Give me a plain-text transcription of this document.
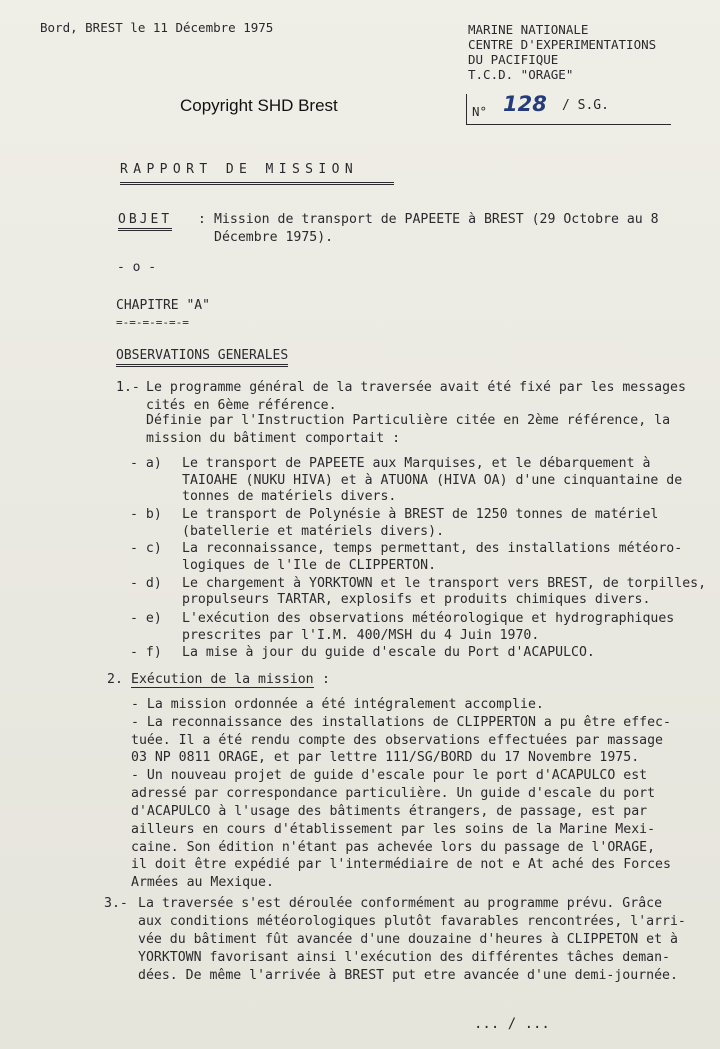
Bord, BREST le 11 Décembre 1975	MARINE NATIONALE
CENTRE D'EXPERIMENTATIONS
DU PACIFIQUE
T.C.D. "ORAGE"
N° 128 / S.G.
Copyright SHD Brest
RAPPORT DE MISSION
OBJET : Mission de transport de PAPEETE à BREST (29 Octobre au 8
Décembre 1975).
- o -
CHAPITRE "A"
=-=-=-=-=-=
OBSERVATIONS GENERALES
1.- Le programme général de la traversée avait été fixé par les messages
cités en 6ème référence.
Définie par l'Instruction Particulière citée en 2ème référence, la
mission du bâtiment comportait :
- a) Le transport de PAPEETE aux Marquises, et le débarquement à
TAIOAHE (NUKU HIVA) et à ATUONA (HIVA OA) d'une cinquantaine de
tonnes de matériels divers.
- b) Le transport de Polynésie à BREST de 1250 tonnes de matériel
(batellerie et matériels divers).
- c) La reconnaissance, temps permettant, des installations météoro-
logiques de l'Ile de CLIPPERTON.
- d) Le chargement à YORKTOWN et le transport vers BREST, de torpilles,
propulseurs TARTAR, explosifs et produits chimiques divers.
- e) L'exécution des observations météorologique et hydrographiques
prescrites par l'I.M. 400/MSH du 4 Juin 1970.
- f) La mise à jour du guide d'escale du Port d'ACAPULCO.
2. Exécution de la mission :
- La mission ordonnée a été intégralement accomplie.
- La reconnaissance des installations de CLIPPERTON a pu être effec-
tuée. Il a été rendu compte des observations effectuées par massage
03 NP 0811 ORAGE, et par lettre 111/SG/BORD du 17 Novembre 1975.
- Un nouveau projet de guide d'escale pour le port d'ACAPULCO est
adressé par correspondance particulière. Un guide d'escale du port
d'ACAPULCO à l'usage des bâtiments étrangers, de passage, est par
ailleurs en cours d'établissement par les soins de la Marine Mexi-
caine. Son édition n'étant pas achevée lors du passage de l'ORAGE,
il doit être expédié par l'intermédiaire de not e At aché des Forces
Armées au Mexique.
3.- La traversée s'est déroulée conformément au programme prévu. Grâce
aux conditions météorologiques plutôt favarables rencontrées, l'arri-
vée du bâtiment fût avancée d'une douzaine d'heures à CLIPPETON et à
YORKTOWN favorisant ainsi l'exécution des différentes tâches deman-
dées. De même l'arrivée à BREST put etre avancée d'une demi-journée.
... / ...
